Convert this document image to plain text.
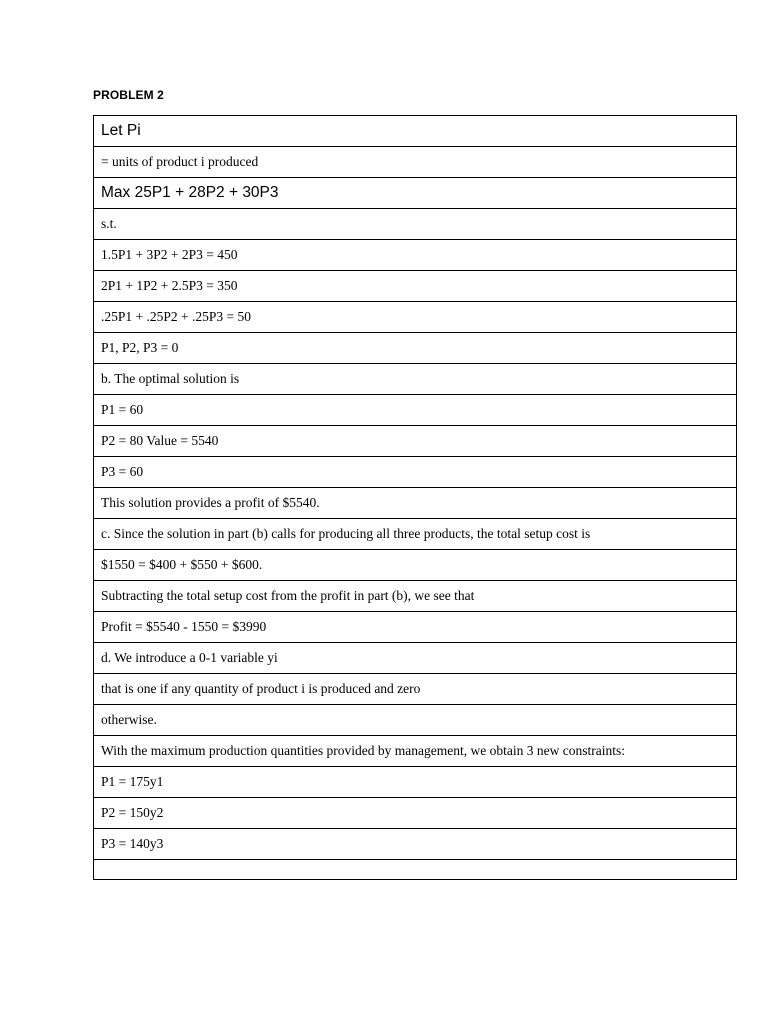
PROBLEM 2
Let Pi
= units of product i produced
Max 25P1 + 28P2 + 30P3
s.t.
1.5P1 + 3P2 + 2P3 = 450
2P1 + 1P2 + 2.5P3 = 350
.25P1 + .25P2 + .25P3 = 50
P1, P2, P3 = 0
b. The optimal solution is
P1 = 60
P2 = 80 Value = 5540
P3 = 60
This solution provides a profit of $5540.
c. Since the solution in part (b) calls for producing all three products, the total setup cost is
$1550 = $400 + $550 + $600.
Subtracting the total setup cost from the profit in part (b), we see that
Profit = $5540 - 1550 = $3990
d. We introduce a 0-1 variable yi
that is one if any quantity of product i is produced and zero
otherwise.
With the maximum production quantities provided by management, we obtain 3 new constraints:
P1 = 175y1
P2 = 150y2
P3 = 140y3
